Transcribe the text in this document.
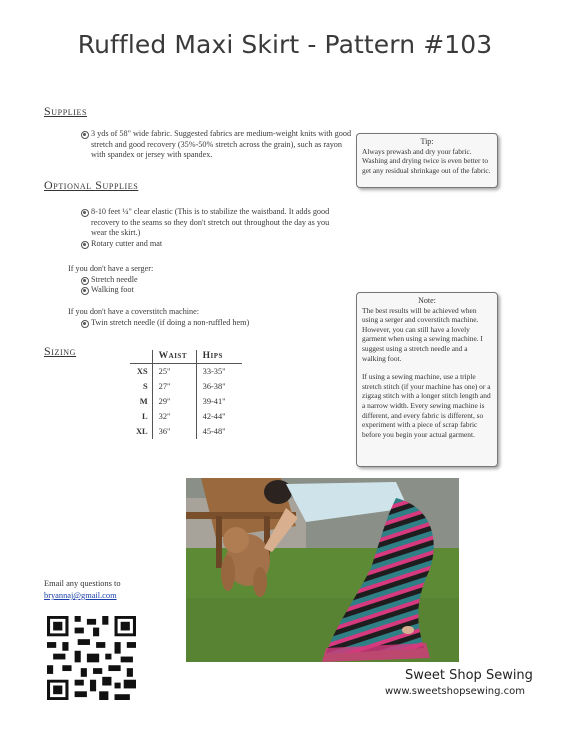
Ruffled Maxi Skirt - Pattern #103
Supplies
3 yds of 58" wide fabric. Suggested fabrics are medium-weight knits with good stretch and good recovery (35%-50% stretch across the grain), such as rayon with spandex or jersey with spandex.
Optional Supplies
8-10 feet ¼" clear elastic (This is to stabilize the waistband. It adds good recovery to the seams so they don't stretch out throughout the day as you wear the skirt.)
Rotary cutter and mat
If you don't have a serger:
Stretch needle
Walking foot
If you don't have a coverstitch machine:
Twin stretch needle (if doing a non-ruffled hem)
Tip:
Always prewash and dry your fabric. Washing and drying twice is even better to get any residual shrinkage out of the fabric.
Note:
The best results will be achieved when using a serger and coverstitch machine. However, you can still have a lovely garment when using a sewing machine. I suggest using a stretch needle and a walking foot.
If using a sewing machine, use a triple stretch stitch (if your machine has one) or a zigzag stitch with a longer stitch length and a narrow width. Every sewing machine is different, and every fabric is different, so experiment with a piece of scrap fabric before you begin your actual garment.
Sizing
		Waist	Hips
XS	25"	33-35"
S	27"	36-38"
M	29"	39-41"
L	32"	42-44"
XL	36"	45-48"
Email any questions to
bryannaj@gmail.com
Sweet Shop Sewing
www.sweetshopsewing.com
